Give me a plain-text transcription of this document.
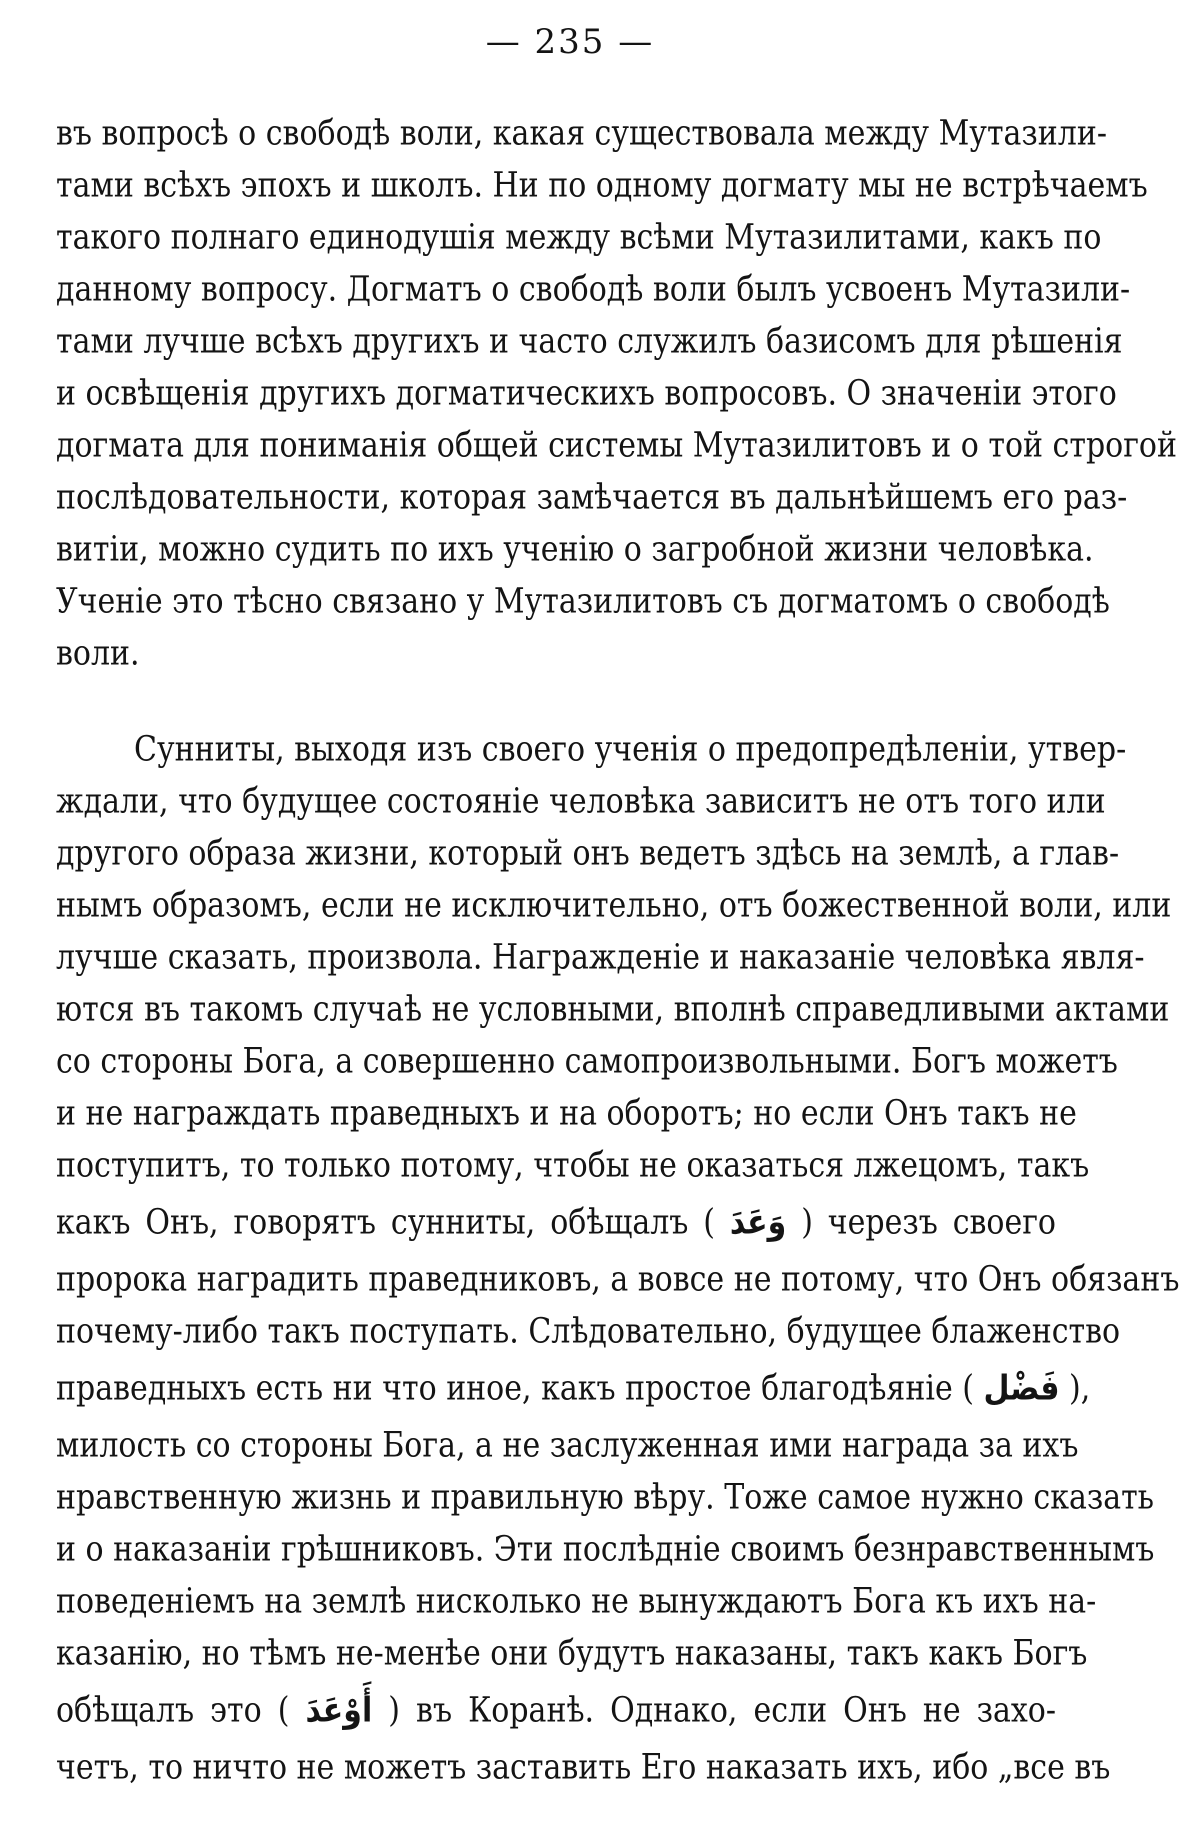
— 235 —
въ вопросѣ о свободѣ воли, какая существовала между Мутазили-
тами всѣхъ эпохъ и школъ. Ни по одному догмату мы не встрѣчаемъ
такого полнаго единодушія между всѣми Мутазилитами, какъ по
данному вопросу. Догматъ о свободѣ воли былъ усвоенъ Мутазили-
тами лучше всѣхъ другихъ и часто служилъ базисомъ для рѣшенія
и освѣщенія другихъ догматическихъ вопросовъ. О значеніи этого
догмата для пониманія общей системы Мутазилитовъ и о той строгой
послѣдовательности, которая замѣчается въ дальнѣйшемъ его раз-
витіи, можно судить по ихъ ученію о загробной жизни человѣка.
Ученіе это тѣсно связано у Мутазилитовъ съ догматомъ о свободѣ
воли.
Сунниты, выходя изъ своего ученія о предопредѣленіи, утвер-
ждали, что будущее состояніе человѣка зависитъ не отъ того или
другого образа жизни, который онъ ведетъ здѣсь на землѣ, а глав-
нымъ образомъ, если не исключительно, отъ божественной воли, или
лучше сказать, произвола. Награжденіе и наказаніе человѣка явля-
ются въ такомъ случаѣ не условными, вполнѣ справедливыми актами
со стороны Бога, а совершенно самопроизвольными. Богъ можетъ
и не награждать праведныхъ и на оборотъ; но если Онъ такъ не
поступитъ, то только потому, чтобы не оказаться лжецомъ, такъ
какъ Онъ, говорятъ сунниты, обѣщалъ ( وَعَدَ ) черезъ своего
пророка наградить праведниковъ, а вовсе не потому, что Онъ обязанъ
почему-либо такъ поступать. Слѣдовательно, будущее блаженство
праведныхъ есть ни что иное, какъ простое благодѣяніе ( فَضْل ),
милость со стороны Бога, а не заслуженная ими награда за ихъ
нравственную жизнь и правильную вѣру. Тоже самое нужно сказать
и о наказаніи грѣшниковъ. Эти послѣдніе своимъ безнравственнымъ
поведеніемъ на землѣ нисколько не вынуждаютъ Бога къ ихъ на-
казанію, но тѣмъ не-менѣе они будутъ наказаны, такъ какъ Богъ
обѣщалъ это ( أَوْعَدَ ) въ Коранѣ. Однако, если Онъ не захо-
четъ, то ничто не можетъ заставить Его наказать ихъ, ибо „все въ
